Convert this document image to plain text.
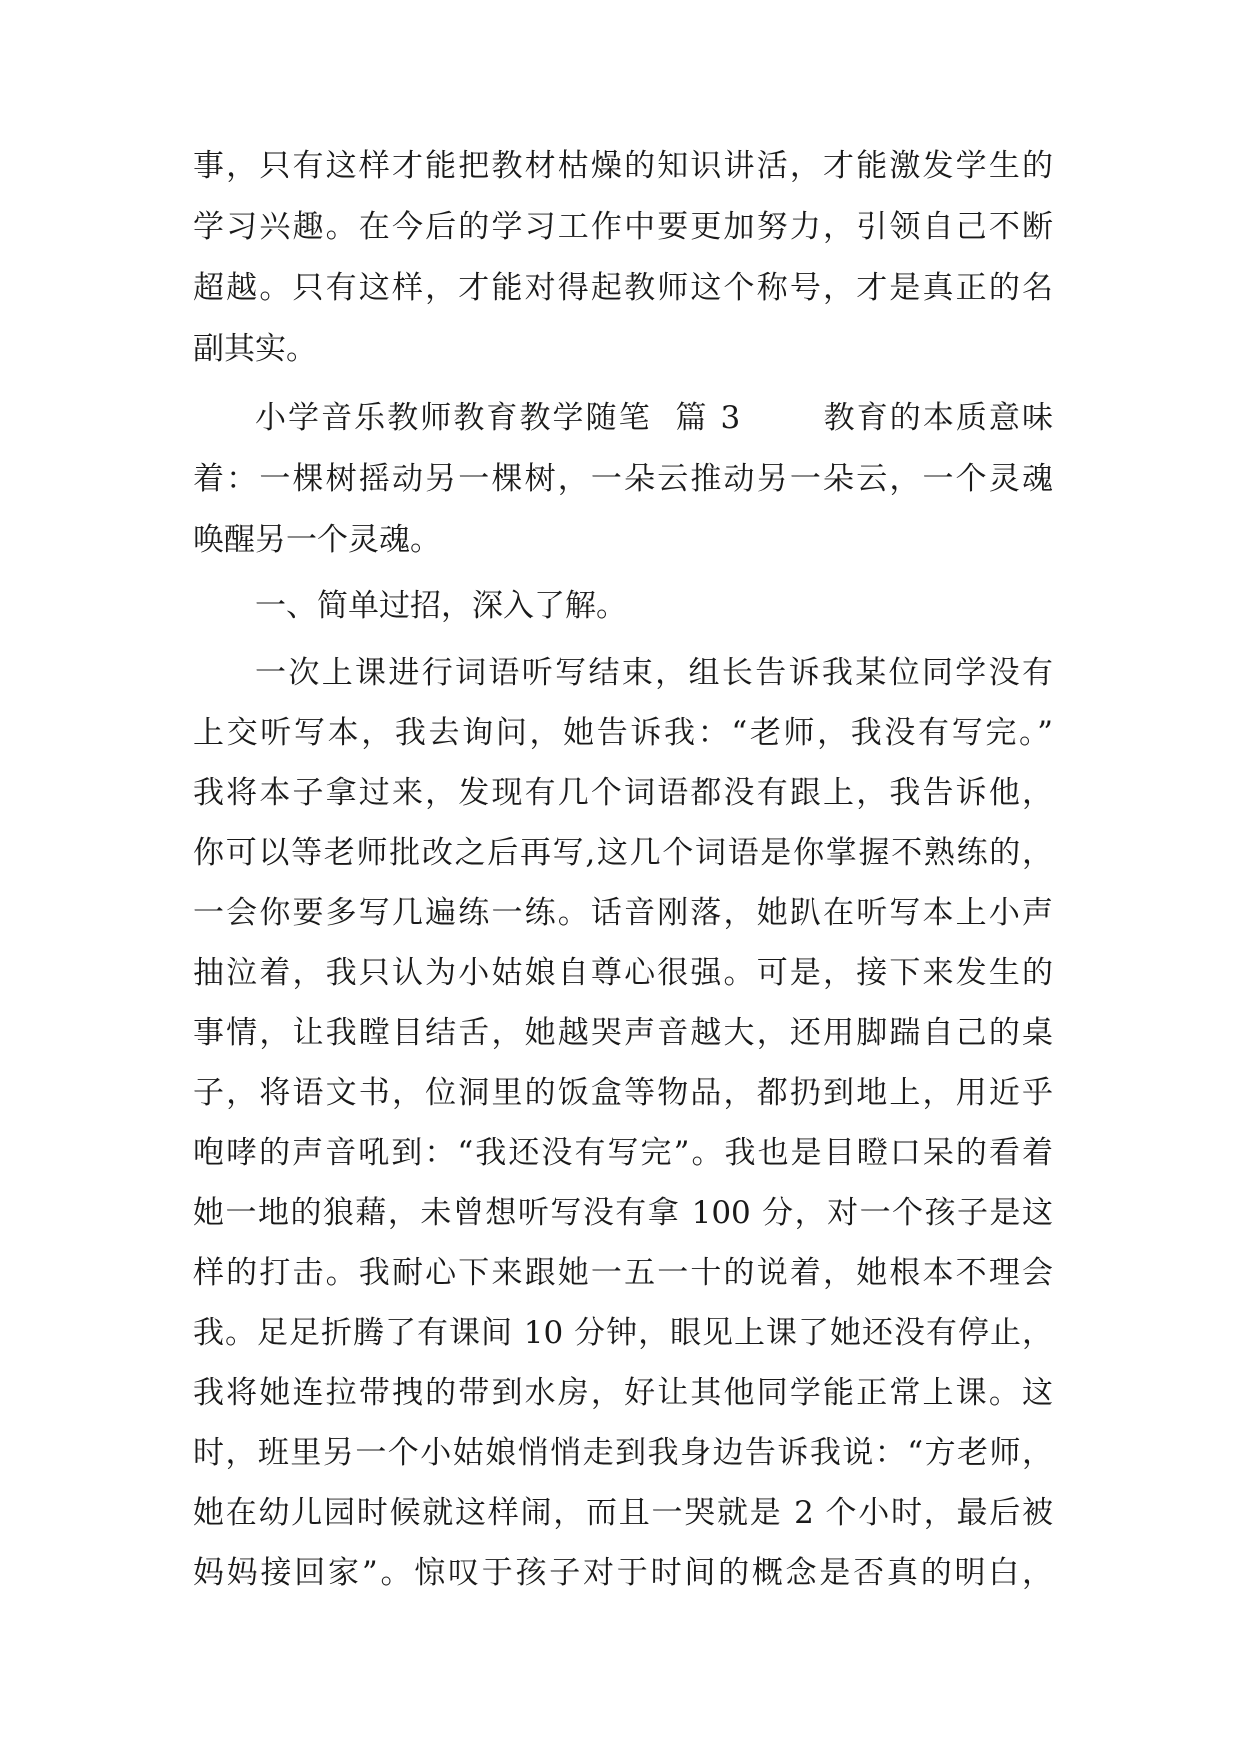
事，只有这样才能把教材枯燥的知识讲活，才能激发学生的
学习兴趣。在今后的学习工作中要更加努力，引领自己不断
超越。只有这样，才能对得起教师这个称号，才是真正的名
副其实。
小学音乐教师教育教学随笔  篇 3       教育的本质意味
着：一棵树摇动另一棵树，一朵云推动另一朵云，一个灵魂
唤醒另一个灵魂。
一、简单过招，深入了解。
一次上课进行词语听写结束，组长告诉我某位同学没有
上交听写本，我去询问，她告诉我：“老师，我没有写完。”
我将本子拿过来，发现有几个词语都没有跟上，我告诉他，
你可以等老师批改之后再写,这几个词语是你掌握不熟练的，
一会你要多写几遍练一练。话音刚落，她趴在听写本上小声
抽泣着，我只认为小姑娘自尊心很强。可是，接下来发生的
事情，让我瞠目结舌，她越哭声音越大，还用脚踹自己的桌
子，将语文书，位洞里的饭盒等物品，都扔到地上，用近乎
咆哮的声音吼到：“我还没有写完”。我也是目瞪口呆的看着
她一地的狼藉，未曾想听写没有拿 100 分，对一个孩子是这
样的打击。我耐心下来跟她一五一十的说着，她根本不理会
我。足足折腾了有课间 10 分钟，眼见上课了她还没有停止，
我将她连拉带拽的带到水房，好让其他同学能正常上课。这
时，班里另一个小姑娘悄悄走到我身边告诉我说：“方老师，
她在幼儿园时候就这样闹，而且一哭就是 2 个小时，最后被
妈妈接回家”。惊叹于孩子对于时间的概念是否真的明白，
